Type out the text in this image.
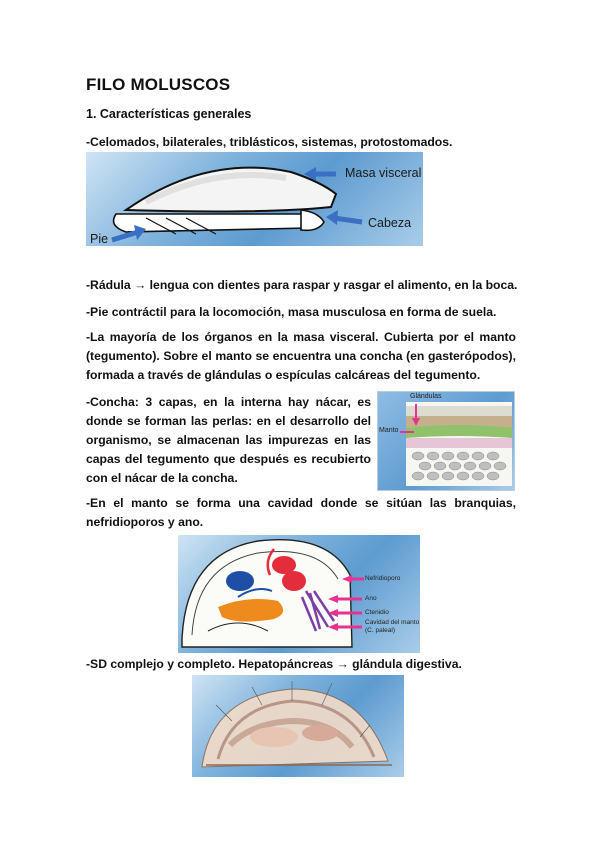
FILO MOLUSCOS
1. Características generales
-Celomados, bilaterales, triblásticos, sistemas, protostomados.
Masa visceral
Cabeza
Pie
-Rádula → lengua con dientes para raspar y rasgar el alimento, en la boca.
-Pie contráctil para la locomoción, masa musculosa en forma de suela.
-La mayoría de los órganos en la masa visceral. Cubierta por el manto (tegumento). Sobre el manto se encuentra una concha (en gasterópodos), formada a través de glándulas o espículas calcáreas del tegumento.
-Concha: 3 capas, en la interna hay nácar, es donde se forman las perlas: en el desarrollo del organismo, se almacenan las impurezas en las capas del tegumento que después es recubierto con el nácar de la concha.
Glándulas
Manto
-En el manto se forma una cavidad donde se sitúan las branquias, nefridioporos y ano.
Nefridioporo
Ano
Ctenidio
Cavidad del manto
(C. paleal)
-SD complejo y completo. Hepatopáncreas → glándula digestiva.
